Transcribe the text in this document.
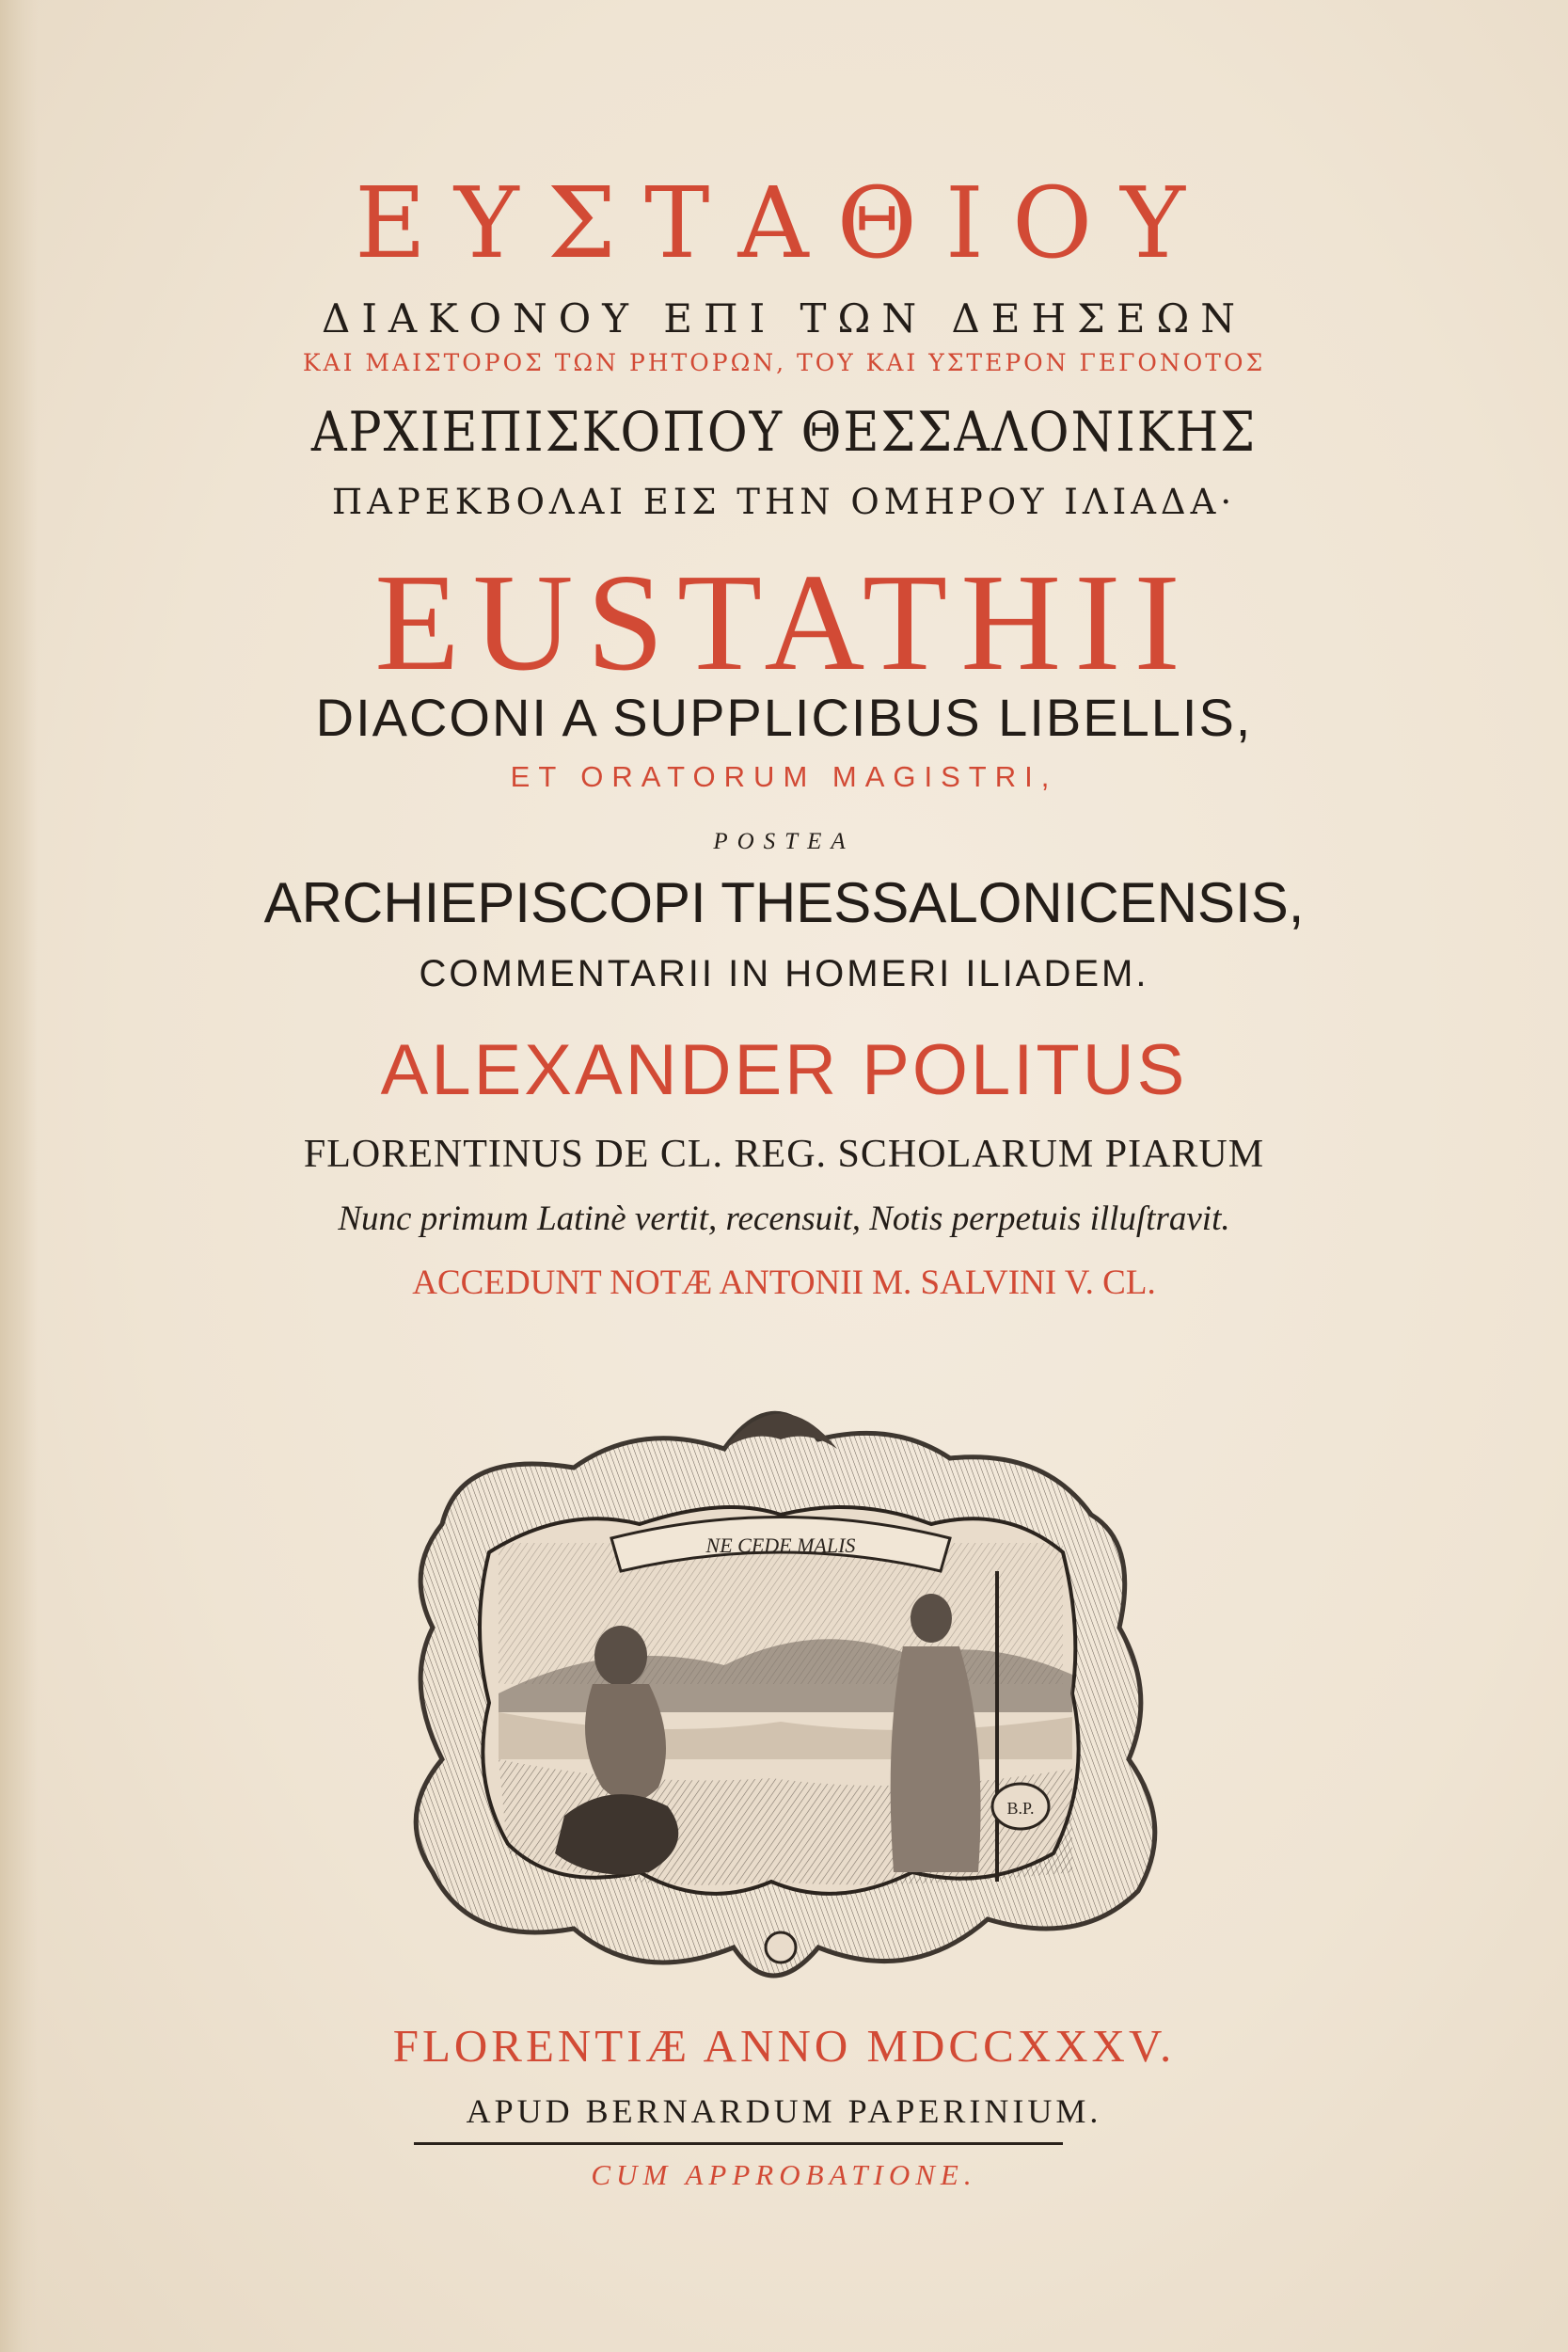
ΕΥΣΤΑΘΙΟΥ
ΔΙΑΚΟΝΟΥ ΕΠΙ ΤΩΝ ΔΕΗΣΕΩΝ
ΚΑΙ ΜΑΙΣΤΟΡΟΣ ΤΩΝ ΡΗΤΟΡΩΝ, ΤΟΥ ΚΑΙ ΥΣΤΕΡΟΝ ΓΕΓΟΝΟΤΟΣ
ΑΡΧΙΕΠΙΣΚΟΠΟΥ ΘΕΣΣΑΛΟΝΙΚΗΣ
ΠΑΡΕΚΒΟΛΑΙ ΕΙΣ ΤΗΝ ΟΜΗΡΟΥ ΙΛΙΑΔΑ·
EUSTATHII
DIACONI A SUPPLICIBUS LIBELLIS,
ET ORATORUM MAGISTRI,
POSTEA
ARCHIEPISCOPI THESSALONICENSIS,
COMMENTARII IN HOMERI ILIADEM.
ALEXANDER POLITUS
FLORENTINUS DE CL. REG. SCHOLARUM PIARUM
Nunc primum Latinè vertit, recensuit, Notis perpetuis illuſtravit.
ACCEDUNT NOTÆ ANTONII M. SALVINI V. CL.
B.P.
NE CEDE MALIS
FLORENTIÆ ANNO MDCCXXXV.
APUD BERNARDUM PAPERINIUM.
CUM APPROBATIONE.
